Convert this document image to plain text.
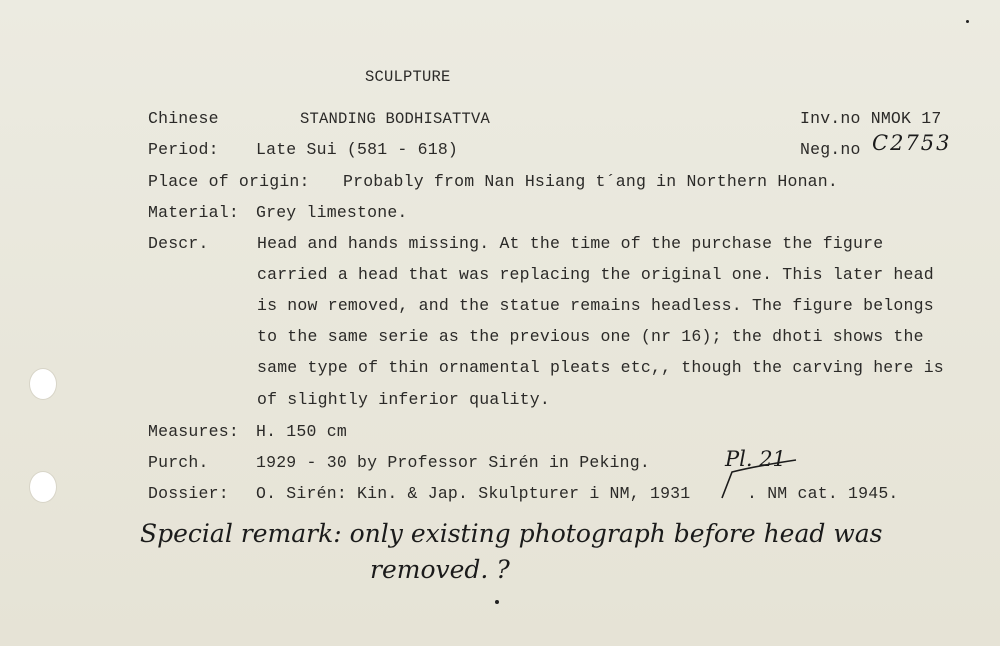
SCULPTURE
Chinese	STANDING BODHISATTVA	Inv.no NMOK 17
Period: Late Sui (581 - 618)	Neg.no C2753
Place of origin: Probably from Nan Hsiang t´ang in Northern Honan.
Material: Grey limestone.
Descr.	Head and hands missing. At the time of the purchase the figure
carried a head that was replacing the original one. This later head
is now removed, and the statue remains headless. The figure belongs
to the same serie as the previous one (nr 16); the dhoti shows the
same type of thin ornamental pleats etc,, though the carving here is
of slightly inferior quality.
Measures: H. 150 cm
Purch.	1929 - 30 by Professor Sirén in Peking.	Pl. 21
Dossier: O. Sirén: Kin. & Jap. Skulpturer i NM, 1931	. NM cat. 1945.
Special remark: only existing photograph before head was
removed. ?
